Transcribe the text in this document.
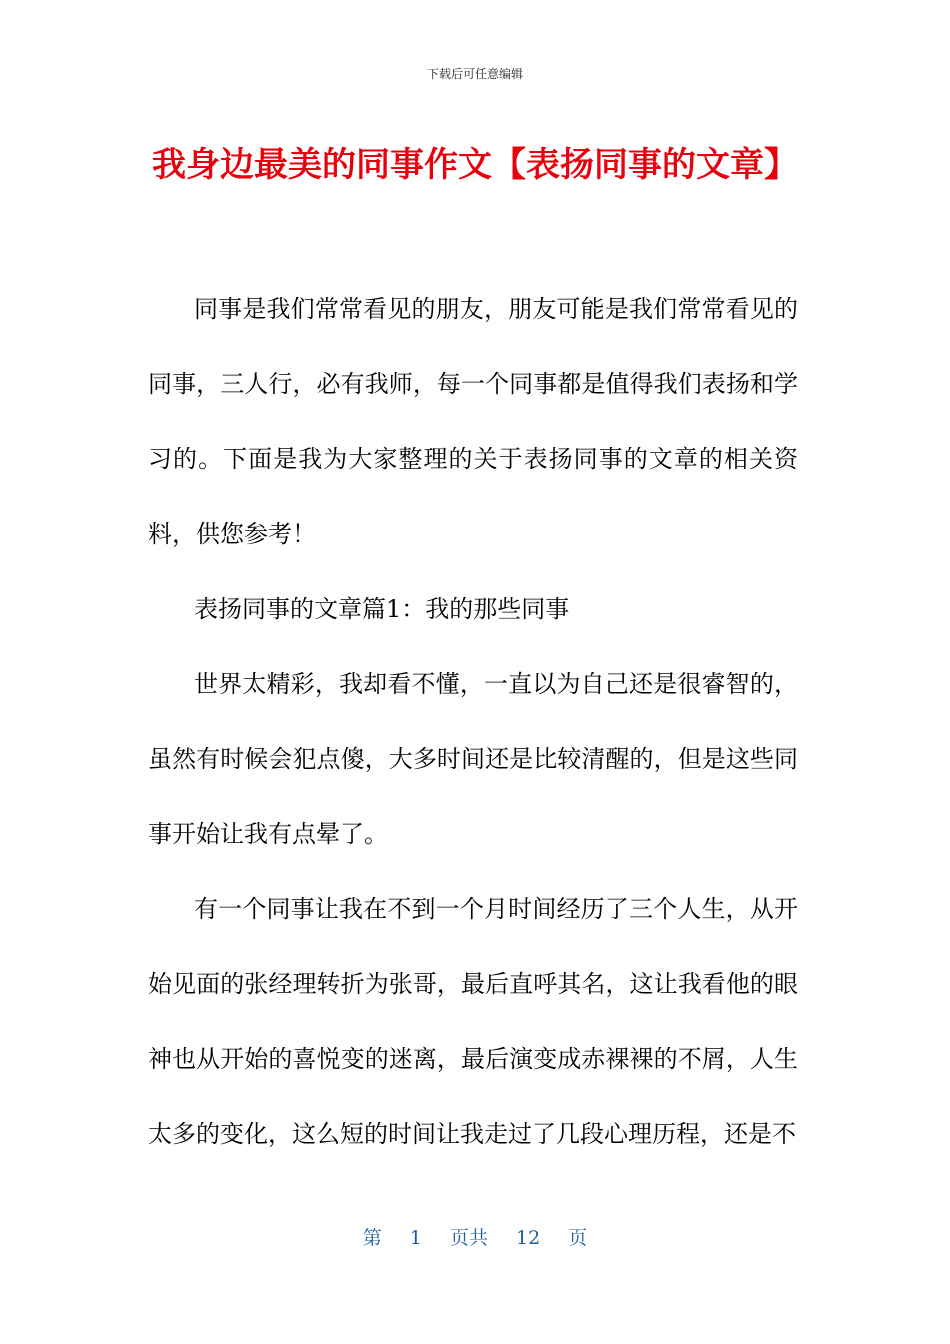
下载后可任意编辑
我身边最美的同事作文【表扬同事的文章】

同事是我们常常看见的朋友，朋友可能是我们常常看见的同事，三人行，必有我师，每一个同事都是值得我们表扬和学习的。下面是我为大家整理的关于表扬同事的文章的相关资料，供您参考！

表扬同事的文章篇1：我的那些同事

世界太精彩，我却看不懂，一直以为自己还是很睿智的，虽然有时候会犯点傻，大多时间还是比较清醒的，但是这些同事开始让我有点晕了。

有一个同事让我在不到一个月时间经历了三个人生，从开始见面的张经理转折为张哥，最后直呼其名，这让我看他的眼神也从开始的喜悦变的迷离，最后演变成赤裸裸的不屑，人生太多的变化，这么短的时间让我走过了几段心理历程，还是不

第 1 页共 12 页
